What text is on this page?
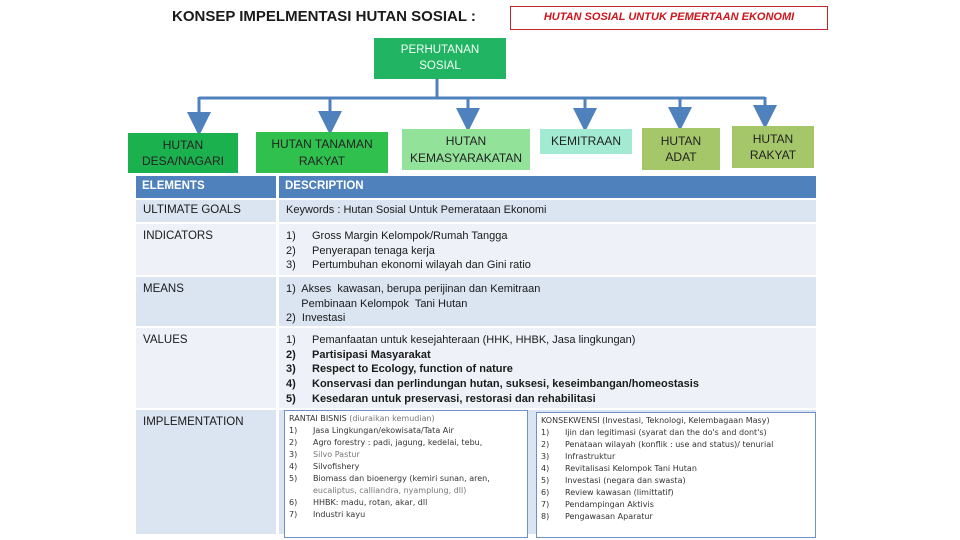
KONSEP IMPELMENTASI HUTAN SOSIAL :	HUTAN SOSIAL UNTUK PEMERTAAN EKONOMI
PERHUTANAN
SOSIAL
HUTAN
DESA/NAGARI
HUTAN TANAMAN
RAKYAT
HUTAN
KEMASYARAKATAN
KEMITRAAN	HUTAN
ADAT
HUTAN
RAKYAT
ELEMENTS	DESCRIPTION
ULTIMATE GOALS	Keywords : Hutan Sosial Untuk Pemerataan Ekonomi
INDICATORS	1)	Gross Margin Kelompok/Rumah Tangga
2)	Penyerapan tenaga kerja
3)	Pertumbuhan ekonomi wilayah dan Gini ratio
MEANS	1)  Akses  kawasan, berupa perijinan dan Kemitraan
Pembinaan Kelompok  Tani Hutan
2)  Investasi
VALUES	1)	Pemanfaatan untuk kesejahteraan (HHK, HHBK, Jasa lingkungan)
2)	Partisipasi Masyarakat
3)	Respect to Ecology, function of nature
4)	Konservasi dan perlindungan hutan, suksesi, keseimbangan/homeostasis
5)	Kesedaran untuk preservasi, restorasi dan rehabilitasi
IMPLEMENTATION	RANTAI BISNIS (diuraikan kemudian)
1)	Jasa Lingkungan/ekowisata/Tata Air
2)	Agro forestry : padi, jagung, kedelai, tebu,
3)	Silvo Pastur
4)	Silvofishery
5)	Biomass dan bioenergy (kemiri sunan, aren,
eucaliptus, calliandra, nyamplung, dll)
6)	HHBK: madu, rotan, akar, dll
7)	Industri kayu
KONSEKWENSI (Investasi, Teknologi, Kelembagaan Masy)
1)	Ijin dan legitimasi (syarat dan the do's and dont's)
2)	Penataan wilayah (konflik : use and status)/ tenurial
3)	Infrastruktur
4)	Revitalisasi Kelompok Tani Hutan
5)	Investasi (negara dan swasta)
6)	Review kawasan (limittatif)
7)	Pendampingan Aktivis
8)	Pengawasan Aparatur
